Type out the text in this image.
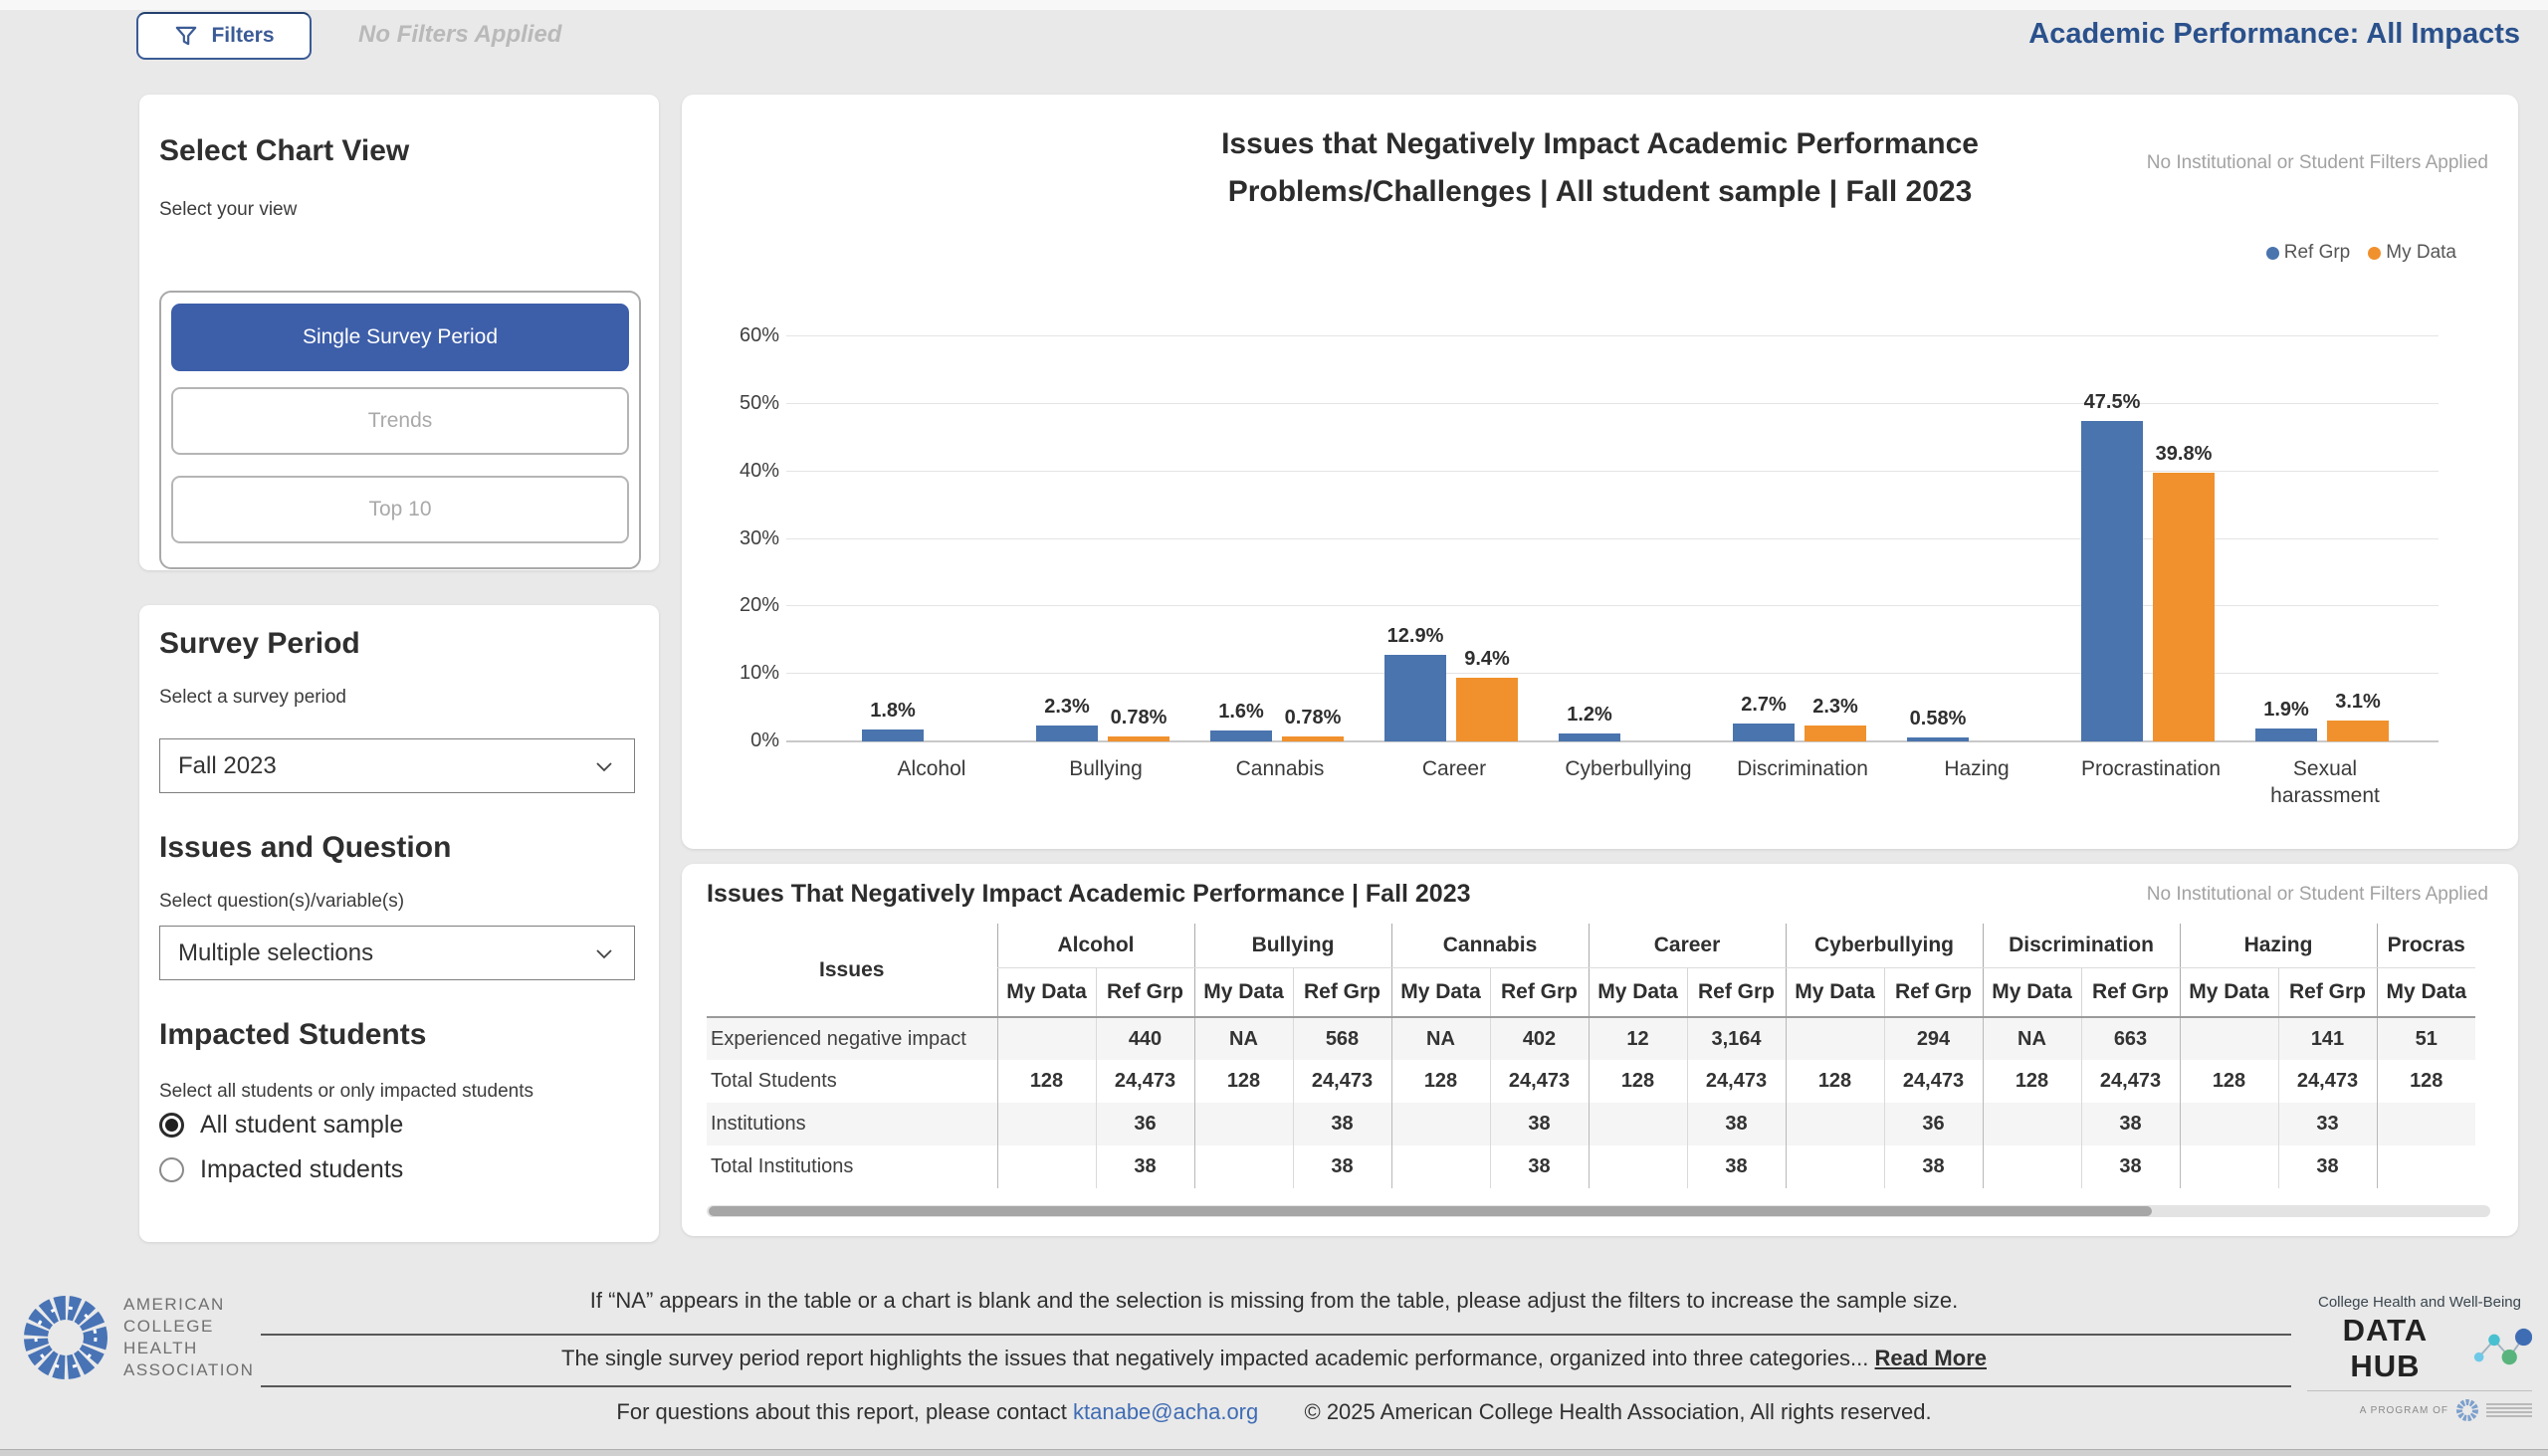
Filters	No Filters Applied	Academic Performance: All Impacts
Select Chart View
Select your view
Single Survey Period
Trends
Top 10
Survey Period
Select a survey period
Fall 2023
Issues and Question
Select question(s)/variable(s)
Multiple selections
Impacted Students
Select all students or only impacted students
All student sample
Impacted students
Issues that Negatively Impact Academic Performance
Problems/Challenges | All student sample | Fall 2023
No Institutional or Student Filters Applied
Ref Grp My Data
0%
10%
20%
30%
40%
50%
60%
1.8%	2.3%	0.78%	1.6%	0.78%
12.9%
9.4%
1.2%	2.7%	2.3%
0.58%
47.5%
39.8%
1.9%	3.1%
Alcohol	Bullying	Cannabis	Career	Cyberbullying	Discrimination	Hazing	Procrastination	Sexual harassment
Issues That Negatively Impact Academic Performance | Fall 2023	No Institutional or Student Filters Applied
Issues	Alcohol		Bullying		Cannabis		Career		Cyberbullying		Discrimination		Hazing		Procras
	My Data	Ref Grp	My Data	Ref Grp	My Data	Ref Grp	My Data	Ref Grp	My Data	Ref Grp	My Data	Ref Grp	My Data	Ref Grp	My Data
Experienced negative impact		440	NA	568	NA	402	12	3,164		294	NA	663		141	51
Total Students	128	24,473	128	24,473	128	24,473	128	24,473	128	24,473	128	24,473	128	24,473	128
Institutions		36		38		38		38		36		38		33	
Total Institutions		38		38		38		38		38		38		38	
AMERICAN
COLLEGE
HEALTH
ASSOCIATION
If “NA” appears in the table or a chart is blank and the selection is missing from the table, please adjust the filters to increase the sample size.
The single survey period report highlights the issues that negatively impacted academic performance, organized into three categories... Read More
For questions about this report, please contact ktanabe@acha.org © 2025 American College Health Association, All rights reserved.
College Health and Well-Being
DATA HUB
A PROGRAM OF
